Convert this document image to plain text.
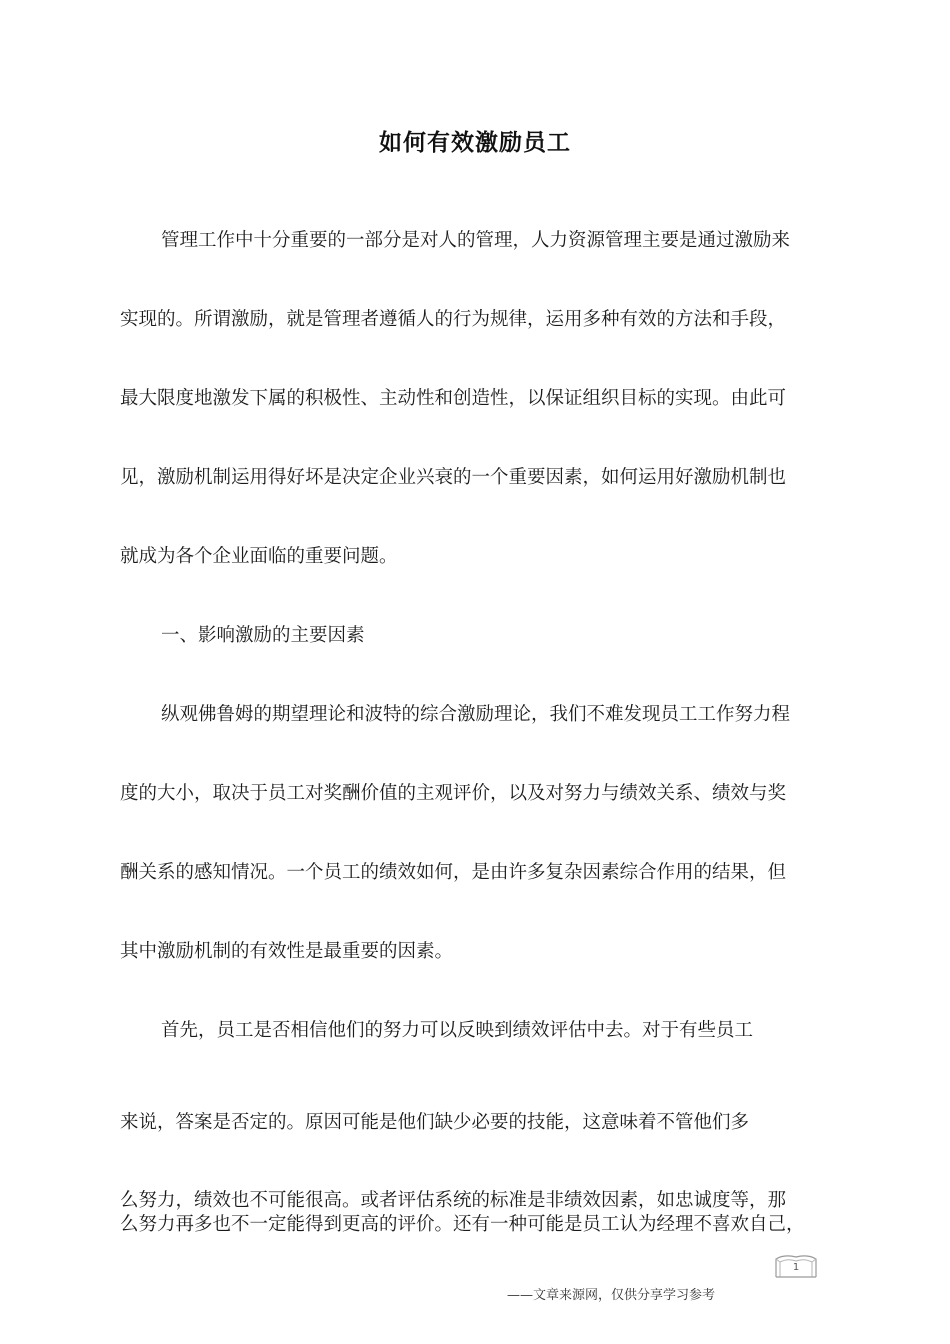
如何有效激励员工
管理工作中十分重要的一部分是对人的管理，人力资源管理主要是通过激励来
实现的。所谓激励，就是管理者遵循人的行为规律，运用多种有效的方法和手段，
最大限度地激发下属的积极性、主动性和创造性，以保证组织目标的实现。由此可
见，激励机制运用得好坏是决定企业兴衰的一个重要因素，如何运用好激励机制也
就成为各个企业面临的重要问题。
一、影响激励的主要因素
纵观佛鲁姆的期望理论和波特的综合激励理论，我们不难发现员工工作努力程
度的大小，取决于员工对奖酬价值的主观评价，以及对努力与绩效关系、绩效与奖
酬关系的感知情况。一个员工的绩效如何，是由许多复杂因素综合作用的结果，但
其中激励机制的有效性是最重要的因素。
首先，员工是否相信他们的努力可以反映到绩效评估中去。对于有些员工
来说，答案是否定的。原因可能是他们缺少必要的技能，这意味着不管他们多
么努力，绩效也不可能很高。或者评估系统的标准是非绩效因素，如忠诚度等，那
么努力再多也不一定能得到更高的评价。还有一种可能是员工认为经理不喜欢自己，
1
——文章来源网，仅供分享学习参考
